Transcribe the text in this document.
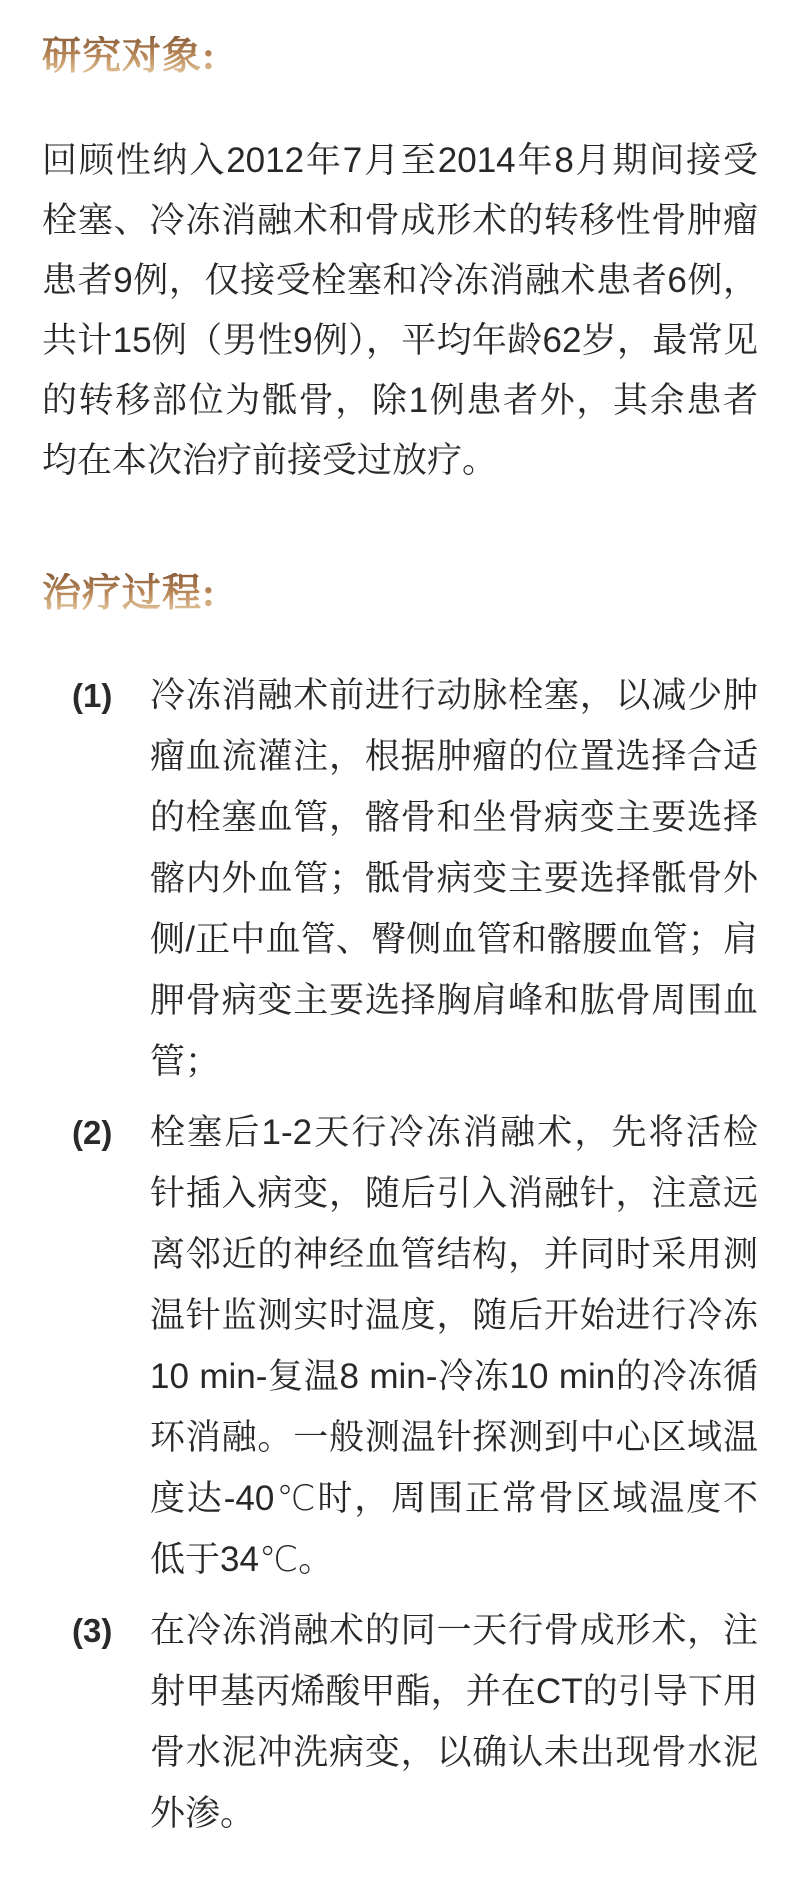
研究对象:

回顾性纳入2012年7月至2014年8月期间接受栓塞、冷冻消融术和骨成形术的转移性骨肿瘤患者9例，仅接受栓塞和冷冻消融术患者6例，共计15例（男性9例），平均年龄62岁，最常见的转移部位为骶骨，除1例患者外，其余患者均在本次治疗前接受过放疗。

治疗过程:
(1)	冷冻消融术前进行动脉栓塞，以减少肿瘤血流灌注，根据肿瘤的位置选择合适的栓塞血管，髂骨和坐骨病变主要选择髂内外血管；骶骨病变主要选择骶骨外侧/正中血管、臀侧血管和髂腰血管；肩胛骨病变主要选择胸肩峰和肱骨周围血管；
(2)	栓塞后1-2天行冷冻消融术，先将活检针插入病变，随后引入消融针，注意远离邻近的神经血管结构，并同时采用测温针监测实时温度，随后开始进行冷冻10 min-复温8 min-冷冻10 min的冷冻循环消融。一般测温针探测到中心区域温度达-40℃时，周围正常骨区域温度不低于34℃。
(3)	在冷冻消融术的同一天行骨成形术，注射甲基丙烯酸甲酯，并在CT的引导下用骨水泥冲洗病变，以确认未出现骨水泥外渗。
